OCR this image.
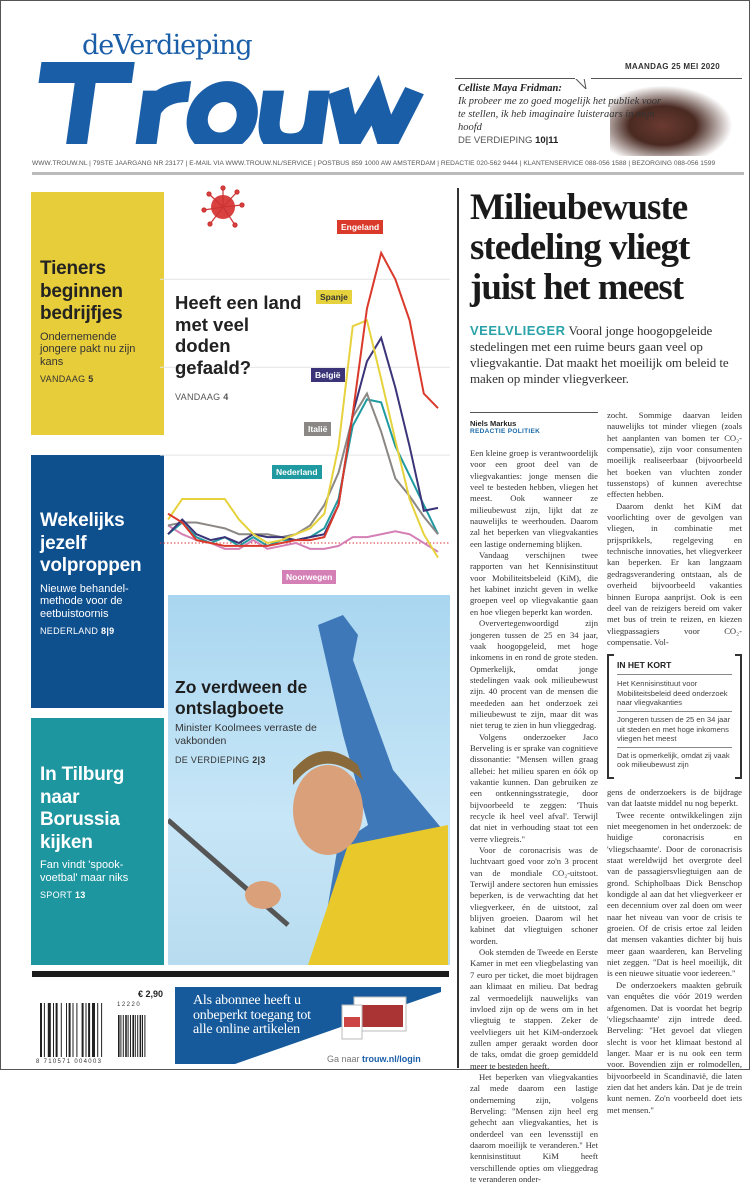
deVerdieping
MAANDAG 25 MEI 2020
Celliste Maya Fridman:
Ik probeer me zo goed mogelijk het publiek voor te stellen, ik heb imaginaire luisteraars in mijn hoofd
DE VERDIEPING 10|11
WWW.TROUW.NL | 79STE JAARGANG NR 23177 | E-MAIL VIA WWW.TROUW.NL/SERVICE | POSTBUS 859 1000 AW AMSTERDAM | REDACTIE 020-562 9444 | KLANTENSERVICE 088-056 1588 | BEZORGING 088-056 1599
Tieners beginnen bedrijfjes

Ondernemende jongere pakt nu zijn kans

VANDAAG 5
Wekelijks jezelf volproppen

Nieuwe behandel-methode voor de eetbuistoornis

NEDERLAND 8|9
In Tilburg naar Borussia kijken

Fan vindt 'spook-voetbal' maar niks

SPORT 13
Heeft een land met veel doden gefaald?
VANDAAG 4
Engeland
Spanje
België
Italië
Nederland
Noorwegen
Zo verdween de ontslagboete
Minister Koolmees verraste de vakbonden
DE VERDIEPING 2|3
Milieubewuste stedeling vliegt juist het meest
VEELVLIEGER Vooral jonge hoogopgeleide stedelingen met een ruime beurs gaan veel op vliegvakantie. Dat maakt het moeilijk om beleid te maken op minder vliegverkeer.
Niels Markus
REDACTIE POLITIEK

Een kleine groep is verantwoordelijk voor een groot deel van de vliegvakanties: jonge mensen die veel te besteden hebben, vliegen het meest. Ook wanneer ze milieubewust zijn, lijkt dat ze nauwelijks te weerhouden. Daarom zal het beperken van vliegvakanties een lastige onderneming blijken.

Vandaag verschijnen twee rapporten van het Kennisinstituut voor Mobiliteitsbeleid (KiM), die het kabinet inzicht geven in welke groepen veel op vliegvakantie gaan en hoe vliegen beperkt kan worden.

Oververtegenwoordigd zijn jongeren tussen de 25 en 34 jaar, vaak hoogopgeleid, met hoge inkomens in en rond de grote steden. Opmerkelijk, omdat jonge stedelingen vaak ook milieubewust zijn. 40 procent van de mensen die meededen aan het onderzoek zei milieubewust te zijn, maar dit was niet terug te zien in hun vlieggedrag.

Volgens onderzoeker Jaco Berveling is er sprake van cognitieve dissonantie: "Mensen willen graag allebei: het milieu sparen en óók op vakantie kunnen. Dan gebruiken ze een ontkenningsstrategie, door bijvoorbeeld te zeggen: 'Thuis recycle ik heel veel afval'. Terwijl dat niet in verhouding staat tot een verre vliegreis."

Voor de coronacrisis was de luchtvaart goed voor zo'n 3 procent van de mondiale CO₂-uitstoot. Terwijl andere sectoren hun emissies beperken, is de verwachting dat het vliegverkeer, én de uitstoot, zal blijven groeien. Daarom wil het kabinet dat vliegtuigen schoner worden.

Ook stemden de Tweede en Eerste Kamer in met een vliegbelasting van 7 euro per ticket, die moet bijdragen aan klimaat en milieu. Dat bedrag zal vermoedelijk nauwelijks van invloed zijn op de wens om in het vliegtuig te stappen. Zeker de veelvliegers uit het KiM-onderzoek zullen amper geraakt worden door de taks, omdat die groep gemiddeld meer te besteden heeft.

Het beperken van vliegvakanties zal mede daarom een lastige onderneming zijn, volgens Berveling: "Mensen zijn heel erg gehecht aan vliegvakanties, het is onderdeel van een levensstijl en daarom moeilijk te veranderen." Het kennisinstituut KiM heeft verschillende opties om vlieggedrag te veranderen onder-

zocht. Sommige daarvan leiden nauwelijks tot minder vliegen (zoals het aanplanten van bomen ter CO₂-compensatie), zijn voor consumenten moeilijk realiseerbaar (bijvoorbeeld het boeken van vluchten zonder tussenstops) of kunnen averechtse effecten hebben.

Daarom denkt het KiM dat voorlichting over de gevolgen van vliegen, in combinatie met prijsprikkels, regelgeving en technische innovaties, het vliegverkeer kan beperken. Er kan langzaam gedragsverandering ontstaan, als de overheid bijvoorbeeld vakanties binnen Europa aanprijst. Ook is een deel van de reizigers bereid om vaker met bus of trein te reizen, en kiezen vliegpassagiers voor CO₂-compensatie. Vol-

IN HET KORT
Het Kennisinstituut voor Mobiliteitsbeleid deed onderzoek naar vliegvakanties
Jongeren tussen de 25 en 34 jaar uit steden en met hoge inkomens vliegen het meest
Dat is opmerkelijk, omdat zij vaak ook milieubewust zijn

gens de onderzoekers is de bijdrage van dat laatste middel nu nog beperkt.

Twee recente ontwikkelingen zijn niet meegenomen in het onderzoek: de huidige coronacrisis en 'vliegschaamte'. Door de coronacrisis staat wereldwijd het overgrote deel van de passagiersvliegtuigen aan de grond. Schipholbaas Dick Benschop kondigde al aan dat het vliegverkeer er een decennium over zal doen om weer naar het niveau van voor de crisis te groeien. Of de crisis ertoe zal leiden dat mensen vakanties dichter bij huis meer gaan waarderen, kan Berveling niet zeggen. "Dat is heel moeilijk, dit is een nieuwe situatie voor iedereen."

De onderzoekers maakten gebruik van enquêtes die vóór 2019 werden afgenomen. Dat is voordat het begrip 'vliegschaamte' zijn intrede deed. Berveling: "Het gevoel dat vliegen slecht is voor het klimaat bestond al langer. Maar er is nu ook een term voor. Bovendien zijn er rolmodellen, bijvoorbeeld in Scandinavië, die laten zien dat het anders kán. Dat je de trein kunt nemen. Zo'n voorbeeld doet iets met mensen."

€ 2,90
8 710571 004003
12220	Als abonnee heeft u onbeperkt toegang tot alle online artikelen
Ga naar trouw.nl/login
